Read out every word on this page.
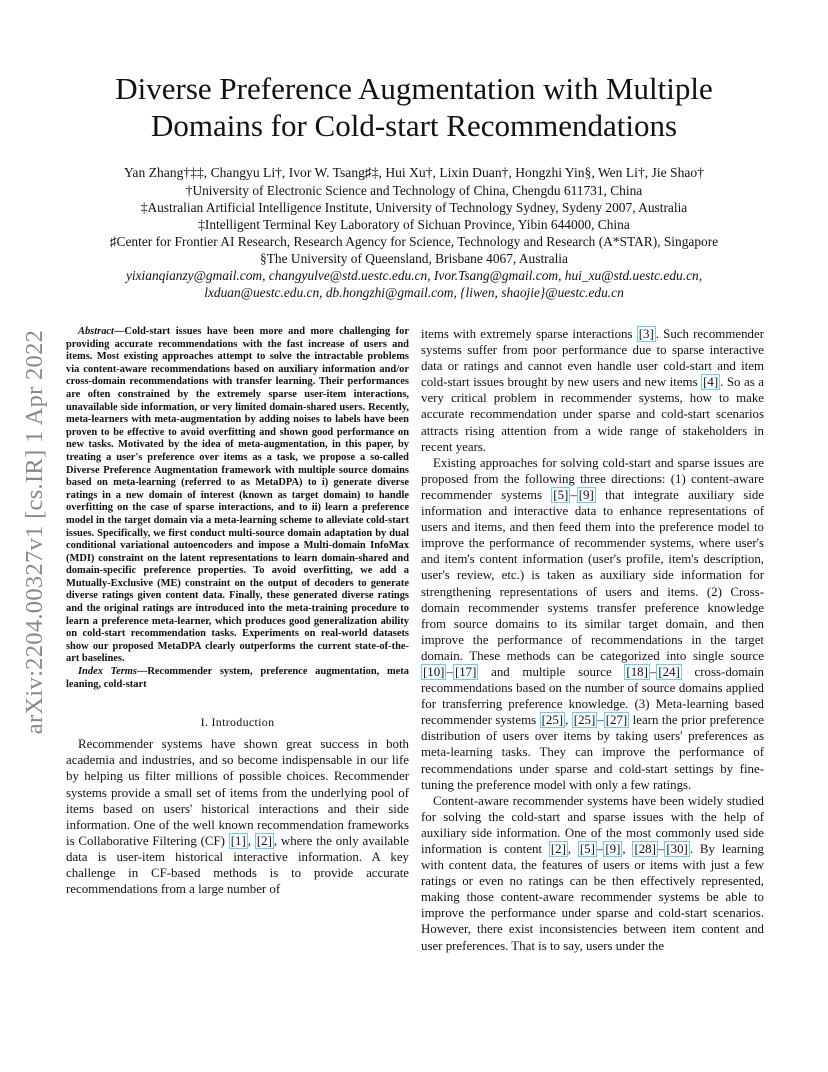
arXiv:2204.00327v1 [cs.IR] 1 Apr 2022
Diverse Preference Augmentation with Multiple
Domains for Cold-start Recommendations
Yan Zhang†‡‡, Changyu Li†, Ivor W. Tsang♯‡, Hui Xu†, Lixin Duan†, Hongzhi Yin§, Wen Li†, Jie Shao†
†University of Electronic Science and Technology of China, Chengdu 611731, China
‡Australian Artificial Intelligence Institute, University of Technology Sydney, Sydeny 2007, Australia
‡Intelligent Terminal Key Laboratory of Sichuan Province, Yibin 644000, China
♯Center for Frontier AI Research, Research Agency for Science, Technology and Research (A*STAR), Singapore
§The University of Queensland, Brisbane 4067, Australia
yixianqianzy@gmail.com, changyulve@std.uestc.edu.cn, Ivor.Tsang@gmail.com, hui_xu@std.uestc.edu.cn,
lxduan@uestc.edu.cn, db.hongzhi@gmail.com, {liwen, shaojie}@uestc.edu.cn

Abstract—Cold-start issues have been more and more challenging for providing accurate recommendations with the fast increase of users and items. Most existing approaches attempt to solve the intractable problems via content-aware recommendations based on auxiliary information and/or cross-domain recommendations with transfer learning. Their performances are often constrained by the extremely sparse user-item interactions, unavailable side information, or very limited domain-shared users. Recently, meta-learners with meta-augmentation by adding noises to labels have been proven to be effective to avoid overfitting and shown good performance on new tasks. Motivated by the idea of meta-augmentation, in this paper, by treating a user's preference over items as a task, we propose a so-called Diverse Preference Augmentation framework with multiple source domains based on meta-learning (referred to as MetaDPA) to i) generate diverse ratings in a new domain of interest (known as target domain) to handle overfitting on the case of sparse interactions, and to ii) learn a preference model in the target domain via a meta-learning scheme to alleviate cold-start issues. Specifically, we first conduct multi-source domain adaptation by dual conditional variational autoencoders and impose a Multi-domain InfoMax (MDI) constraint on the latent representations to learn domain-shared and domain-specific preference properties. To avoid overfitting, we add a Mutually-Exclusive (ME) constraint on the output of decoders to generate diverse ratings given content data. Finally, these generated diverse ratings and the original ratings are introduced into the meta-training procedure to learn a preference meta-learner, which produces good generalization ability on cold-start recommendation tasks. Experiments on real-world datasets show our proposed MetaDPA clearly outperforms the current state-of-the-art baselines.

Index Terms—Recommender system, preference augmentation, meta leaning, cold-start

I. Introduction

Recommender systems have shown great success in both academia and industries, and so become indispensable in our life by helping us filter millions of possible choices. Recommender systems provide a small set of items from the underlying pool of items based on users' historical interactions and their side information. One of the well known recommendation frameworks is Collaborative Filtering (CF) [1] , [2] , where the only available data is user-item historical interactive information. A key challenge in CF-based methods is to provide accurate recommendations from a large number of

items with extremely sparse interactions [3] . Such recommender systems suffer from poor performance due to sparse interactive data or ratings and cannot even handle user cold-start and item cold-start issues brought by new users and new items [4] . So as a very critical problem in recommender systems, how to make accurate recommendation under sparse and cold-start scenarios attracts rising attention from a wide range of stakeholders in recent years.

Existing approaches for solving cold-start and sparse issues are proposed from the following three directions: (1) content-aware recommender systems [5] – [9] that integrate auxiliary side information and interactive data to enhance representations of users and items, and then feed them into the preference model to improve the performance of recommender systems, where user's and item's content information (user's profile, item's description, user's review, etc.) is taken as auxiliary side information for strengthening representations of users and items. (2) Cross-domain recommender systems transfer preference knowledge from source domains to its similar target domain, and then improve the performance of recommendations in the target domain. These methods can be categorized into single source [10] – [17] and multiple source [18] – [24] cross-domain recommendations based on the number of source domains applied for transferring preference knowledge. (3) Meta-learning based recommender systems [25] , [25] – [27] learn the prior preference distribution of users over items by taking users' preferences as meta-learning tasks. They can improve the performance of recommendations under sparse and cold-start settings by fine-tuning the preference model with only a few ratings.

Content-aware recommender systems have been widely studied for solving the cold-start and sparse issues with the help of auxiliary side information. One of the most commonly used side information is content [2] , [5] – [9] , [28] – [30] . By learning with content data, the features of users or items with just a few ratings or even no ratings can be then effectively represented, making those content-aware recommender systems be able to improve the performance under sparse and cold-start scenarios. However, there exist inconsistencies between item content and user preferences. That is to say, users under the
